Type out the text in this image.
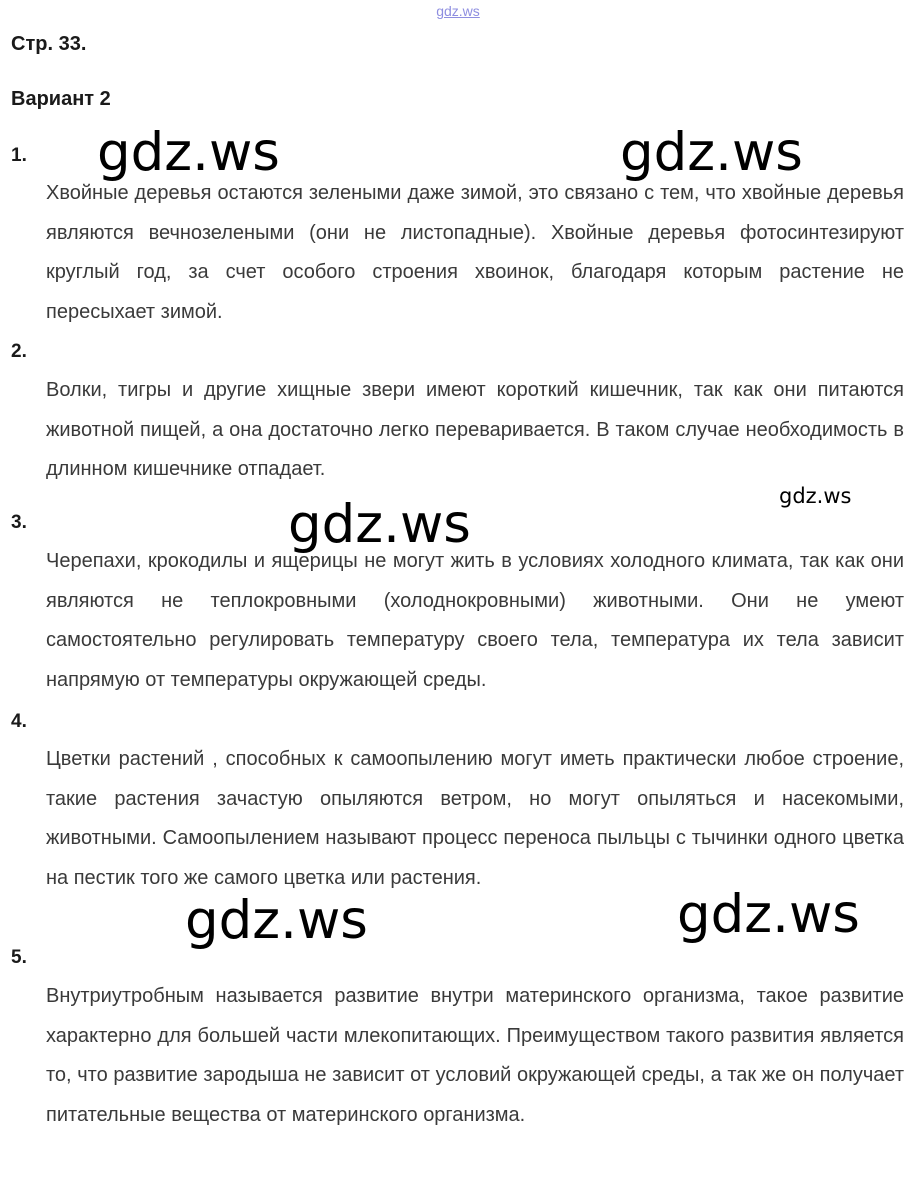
gdz.ws
Стр. 33.
Вариант 2
1.
Хвойные деревья остаются зелеными даже зимой, это связано с тем, что хвойные деревья
являются вечнозелеными (они не листопадные). Хвойные деревья фотосинтезируют
круглый год, за счет особого строения хвоинок, благодаря которым растение не
пересыхает зимой.
2.
Волки, тигры и другие хищные звери имеют короткий кишечник, так как они питаются
животной пищей, а она достаточно легко переваривается. В таком случае необходимость в
длинном кишечнике отпадает.
3.
Черепахи, крокодилы и ящерицы не могут жить в условиях холодного климата, так как они
являются не теплокровными (холоднокровными) животными. Они не умеют
самостоятельно регулировать температуру своего тела, температура их тела зависит
напрямую от температуры окружающей среды.
4.
Цветки растений , способных к самоопылению могут иметь практически любое строение,
такие растения зачастую опыляются ветром, но могут опыляться и насекомыми,
животными. Самоопылением называют процесс переноса пыльцы с тычинки одного цветка
на пестик того же самого цветка или растения.
5.
Внутриутробным называется развитие внутри материнского организма, такое развитие
характерно для большей части млекопитающих. Преимуществом такого развития является
то, что развитие зародыша не зависит от условий окружающей среды, а так же он получает
питательные вещества от материнского организма.
gdz.ws	gdz.ws
gdz.ws
gdz.ws
gdz.ws	gdz.ws
